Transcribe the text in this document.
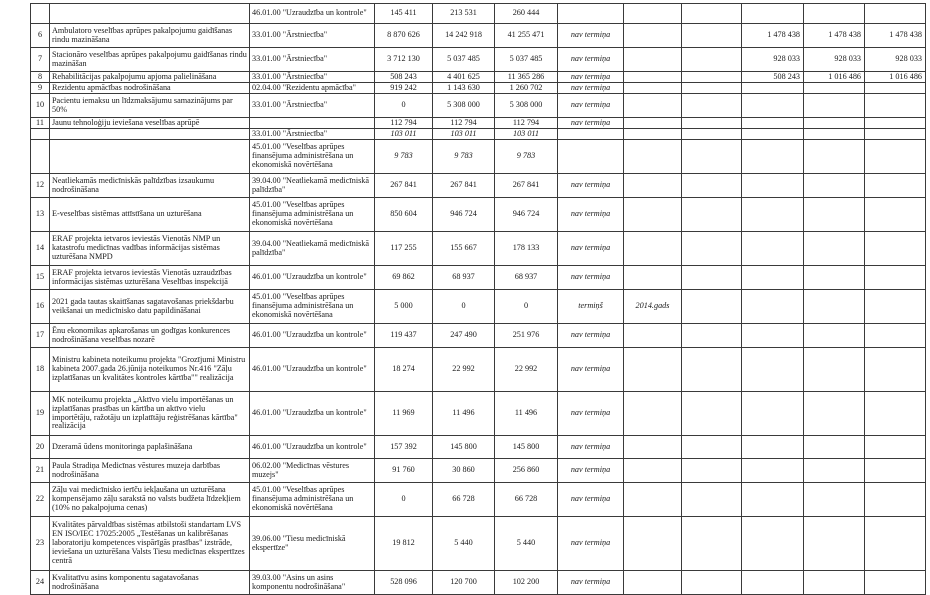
		46.01.00 "Uzraudzība un kontrole"	145 411	213 531	260 444						
6	Ambulatoro veselības aprūpes pakalpojumu gaidīšanas rindu mazināšana	33.01.00 "Ārstniecība"	8 870 626	14 242 918	41 255 471	nav termiņa			1 478 438	1 478 438	1 478 438
7	Stacionāro veselības aprūpes pakalpojumu gaidīšanas rindu mazināšan	33.01.00 "Ārstniecība"	3 712 130	5 037 485	5 037 485	nav termiņa			928 033	928 033	928 033
8	Rehabilitācijas pakalpojumu apjoma palielināšana	33.01.00 "Ārstniecība"	508 243	4 401 625	11 365 286	nav termiņa			508 243	1 016 486	1 016 486
9	Rezidentu apmācības nodrošināšana	02.04.00 "Rezidentu apmācība"	919 242	1 143 630	1 260 702	nav termiņa					
10	Pacientu iemaksu un līdzmaksājumu samazinājums par 50%	33.01.00 "Ārstniecība"	0	5 308 000	5 308 000	nav termiņa					
11	Jaunu tehnoloģiju ieviešana veselības aprūpē		112 794	112 794	112 794	nav termiņa					
		33.01.00 "Ārstniecība"	103 011	103 011	103 011						
		45.01.00 "Veselības aprūpes finansējuma administrēšana un ekonomiskā novērtēšana	9 783	9 783	9 783						
12	Neatliekamās medicīniskās palīdzības izsaukumu nodrošināšana	39.04.00 "Neatliekamā medicīniskā palīdzība"	267 841	267 841	267 841	nav termiņa					
13	E-veselības sistēmas attīstīšana un uzturēšana	45.01.00 "Veselības aprūpes finansējuma administrēšana un ekonomiskā novērtēšana	850 604	946 724	946 724	nav termiņa					
14	ERAF projekta ietvaros ieviestās Vienotās NMP un katastrofu medicīnas vadības informācijas sistēmas uzturēšana NMPD	39.04.00 "Neatliekamā medicīniskā palīdzība"	117 255	155 667	178 133	nav termiņa					
15	ERAF projekta ietvaros ieviestās Vienotās uzraudzības informācijas sistēmas uzturēšana Veselības inspekcijā	46.01.00 "Uzraudzība un kontrole"	69 862	68 937	68 937	nav termiņa					
16	2021 gada tautas skaitīšanas sagatavošanas priekšdarbu veikšanai un medicīnisko datu papildināšanai	45.01.00 "Veselības aprūpes finansējuma administrēšana un ekonomiskā novērtēšana	5 000	0	0	termiņš	2014.gads				
17	Ēnu ekonomikas apkarošanas un godīgas konkurences nodrošināšana veselības nozarē	46.01.00 "Uzraudzība un kontrole"	119 437	247 490	251 976	nav termiņa					
18	Ministru kabineta noteikumu projekta "Grozījumi Ministru kabineta 2007.gada 26.jūnija noteikumos Nr.416 "Zāļu izplatīšanas un kvalitātes kontroles kārtība"" realizācija	46.01.00 "Uzraudzība un kontrole"	18 274	22 992	22 992	nav termiņa					
19	MK noteikumu projekta „Aktīvo vielu importēšanas un izplatīšanas prasības un kārtība un aktīvo vielu importētāju, ražotāju un izplatītāju reģistrēšanas kārtība" realizācija	46.01.00 "Uzraudzība un kontrole"	11 969	11 496	11 496	nav termiņa					
20	Dzeramā ūdens monitoringa paplašināšana	46.01.00 "Uzraudzība un kontrole"	157 392	145 800	145 800	nav termiņa					
21	Paula Stradiņa Medicīnas vēstures muzeja darbības nodrošināšana	06.02.00 "Medicīnas vēstures muzejs"	91 760	30 860	256 860	nav termiņa					
22	Zāļu vai medicīnisko ierīču iekļaušana un uzturēšana kompensējamo zāļu sarakstā no valsts budžeta līdzekļiem (10% no pakalpojuma cenas)	45.01.00 "Veselības aprūpes finansējuma administrēšana un ekonomiskā novērtēšana	0	66 728	66 728	nav termiņa					
23	Kvalitātes pārvaldības sistēmas atbilstoši standartam LVS EN ISO/IEC 17025:2005 „Testēšanas un kalibrēšanas laboratoriju kompetences vispārīgās prasības" izstrāde, ieviešana un uzturēšana Valsts Tiesu medicīnas ekspertīzes centrā	39.06.00 "Tiesu medicīniskā ekspertīze"	19 812	5 440	5 440	nav termiņa					
24	Kvalitatīvu asins komponentu sagatavošanas nodrošināšana	39.03.00 "Asins un asins komponentu nodrošināšana"	528 096	120 700	102 200	nav termiņa					
